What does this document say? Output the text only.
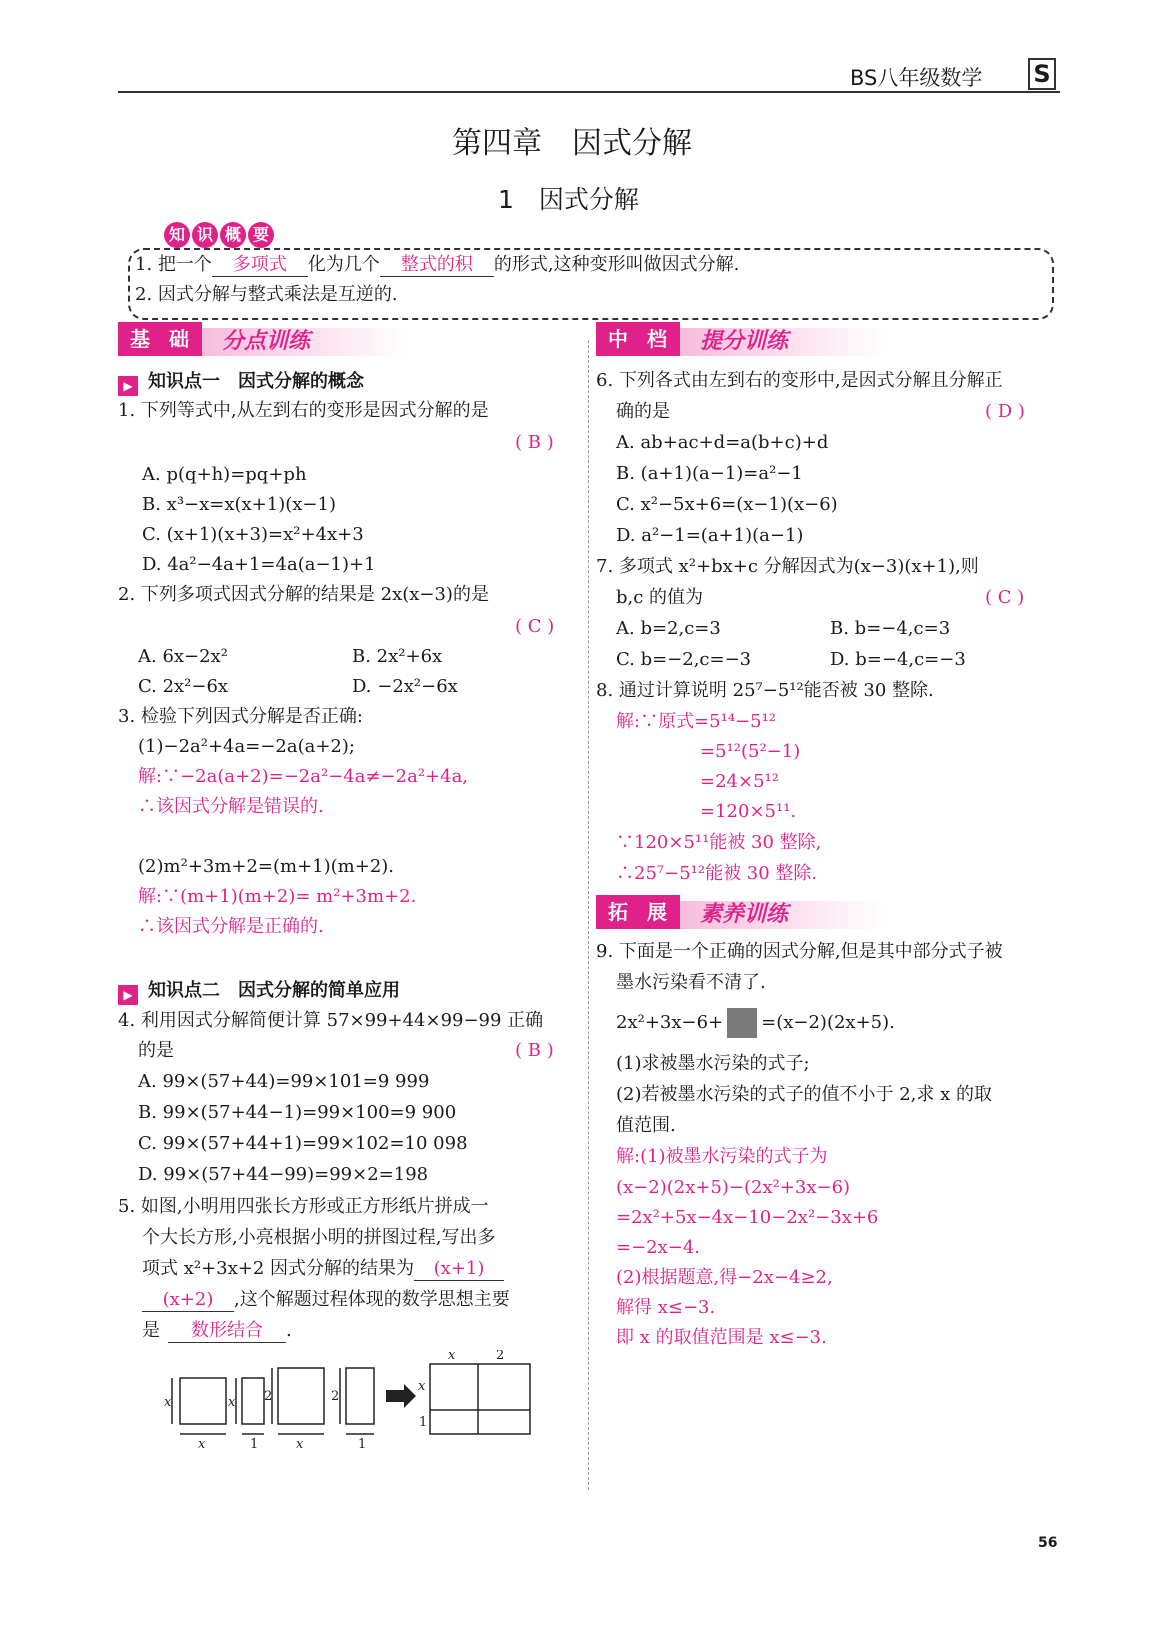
BS八年级数学 S
第四章　因式分解
1　因式分解
知 识 概 要
1. 把一个 多项式 化为几个 整式的积 的形式,这种变形叫做因式分解.
2. 因式分解与整式乘法是互逆的.
基 础	分点训练
▶ 知识点一　因式分解的概念
1. 下列等式中,从左到右的变形是因式分解的是
( B )
A. p(q+h)=pq+ph
B. x³−x=x(x+1)(x−1)
C. (x+1)(x+3)=x²+4x+3
D. 4a²−4a+1=4a(a−1)+1
2. 下列多项式因式分解的结果是 2x(x−3)的是
( C )
A. 6x−2x²	B. 2x²+6x
C. 2x²−6x	D. −2x²−6x
3. 检验下列因式分解是否正确:
(1)−2a²+4a=−2a(a+2);
解:∵−2a(a+2)=−2a²−4a≠−2a²+4a,
∴该因式分解是错误的.
(2)m²+3m+2=(m+1)(m+2).
解:∵(m+1)(m+2)= m²+3m+2.
∴该因式分解是正确的.
▶ 知识点二　因式分解的简单应用
4. 利用因式分解简便计算 57×99+44×99−99 正确
的是	( B )
A. 99×(57+44)=99×101=9 999
B. 99×(57+44−1)=99×100=9 900
C. 99×(57+44+1)=99×102=10 098
D. 99×(57+44−99)=99×2=198
5. 如图,小明用四张长方形或正方形纸片拼成一
个大长方形,小亮根据小明的拼图过程,写出多
项式 x²+3x+2 因式分解的结果为 (x+1)
(x+2) ,这个解题过程体现的数学思想主要
是 数形结合 .
x
x
x
1
2
x
2
1
x	2
x
1
中 档	提分训练
6. 下列各式由左到右的变形中,是因式分解且分解正
确的是	( D )
A. ab+ac+d=a(b+c)+d
B. (a+1)(a−1)=a²−1
C. x²−5x+6=(x−1)(x−6)
D. a²−1=(a+1)(a−1)
7. 多项式 x²+bx+c 分解因式为(x−3)(x+1),则
b,c 的值为	( C )
A. b=2,c=3	B. b=−4,c=3
C. b=−2,c=−3	D. b=−4,c=−3
8. 通过计算说明 25⁷−5¹²能否被 30 整除.
解:∵原式=5¹⁴−5¹²
=5¹²(5²−1)
=24×5¹²
=120×5¹¹.
∵120×5¹¹能被 30 整除,
∴25⁷−5¹²能被 30 整除.
拓 展	素养训练
9. 下面是一个正确的因式分解,但是其中部分式子被
墨水污染看不清了.
2x²+3x−6+ =(x−2)(2x+5).
(1)求被墨水污染的式子;
(2)若被墨水污染的式子的值不小于 2,求 x 的取
值范围.
解:(1)被墨水污染的式子为
(x−2)(2x+5)−(2x²+3x−6)
=2x²+5x−4x−10−2x²−3x+6
=−2x−4.
(2)根据题意,得−2x−4≥2,
解得 x≤−3.
即 x 的取值范围是 x≤−3.
56
